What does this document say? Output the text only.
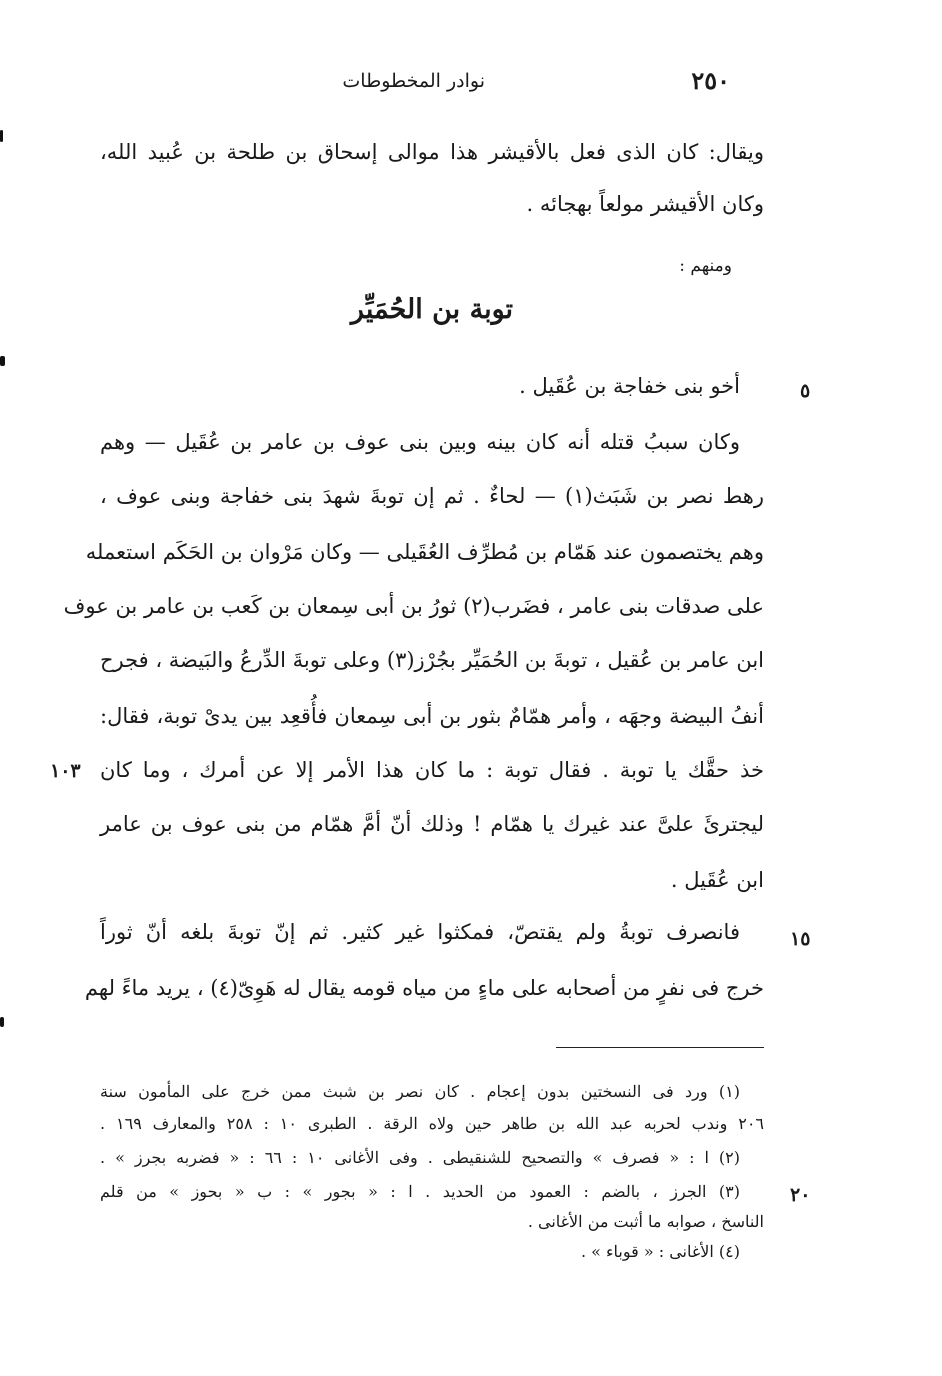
٢٥٠
نوادر المخطوطات
ويقال: كان الذى فعل بالأقيشر هذا موالى إسحاق بن طلحة بن عُبيد الله،
وكان الأقيشر مولعاً بهجائه .
ومنهم :
توبة بن الحُمَيِّر
٥
١٠٣
١٥
٢٠
أخو بنى خفاجة بن عُقَيل .
وكان سببُ قتله أنه كان بينه وبين بنى عوف بن عامر بن عُقَيل — وهم
رهط نصر بن شَبَث(١) — لحاءٌ . ثم إن توبةَ شهدَ بنى خفاجة وبنى عوف ،
وهم يختصمون عند هَمّام بن مُطرِّف العُقَيلى — وكان مَرْوان بن الحَكَم استعمله
على صدقات بنى عامر ، فضَرب(٢) ثورُ بن أبى سِمعان بن كَعب بن عامر بن عوف
ابن عامر بن عُقيل ، توبةَ بن الحُمَيِّر بجُرْز(٣) وعلى توبةَ الدِّرعُ والبَيضة ، فجرح
أنفُ البيضة وجهَه ، وأمر همّامٌ بثور بن أبى سِمعان فأُقعِد بين يدىْ توبة، فقال:
خذ حقَّك يا توبة . فقال توبة : ما كان هذا الأمر إلا عن أمرك ، وما كان
ليجترئَ علىَّ عند غيرك يا همّام ! وذلك أنّ أمَّ همّام من بنى عوف بن عامر
ابن عُقَيل .
فانصرف توبةُ ولم يقتصّ، فمكثوا غير كثير. ثم إنّ توبةَ بلغه أنّ ثوراً
خرج فى نفرٍ من أصحابه على ماءٍ من مياه قومه يقال له هَوِىّ(٤) ، يريد ماءً لهم
(١) ورد فى النسختين بدون إعجام . كان نصر بن شبث ممن خرج على المأمون سنة
٢٠٦ وندب لحربه عبد الله بن طاهر حين ولاه الرقة . الطبرى ١٠ : ٢٥٨ والمعارف ١٦٩ .
(٢) ا : « فصرف » والتصحيح للشنقيطى . وفى الأغانى ١٠ : ٦٦ : « فضربه بجرز » .
(٣) الجرز ، بالضم : العمود من الحديد . ا : « بجور » : ب « بحوز » من قلم
الناسخ ، صوابه ما أثبت من الأغانى .
(٤) الأغانى : « قوباء » .
